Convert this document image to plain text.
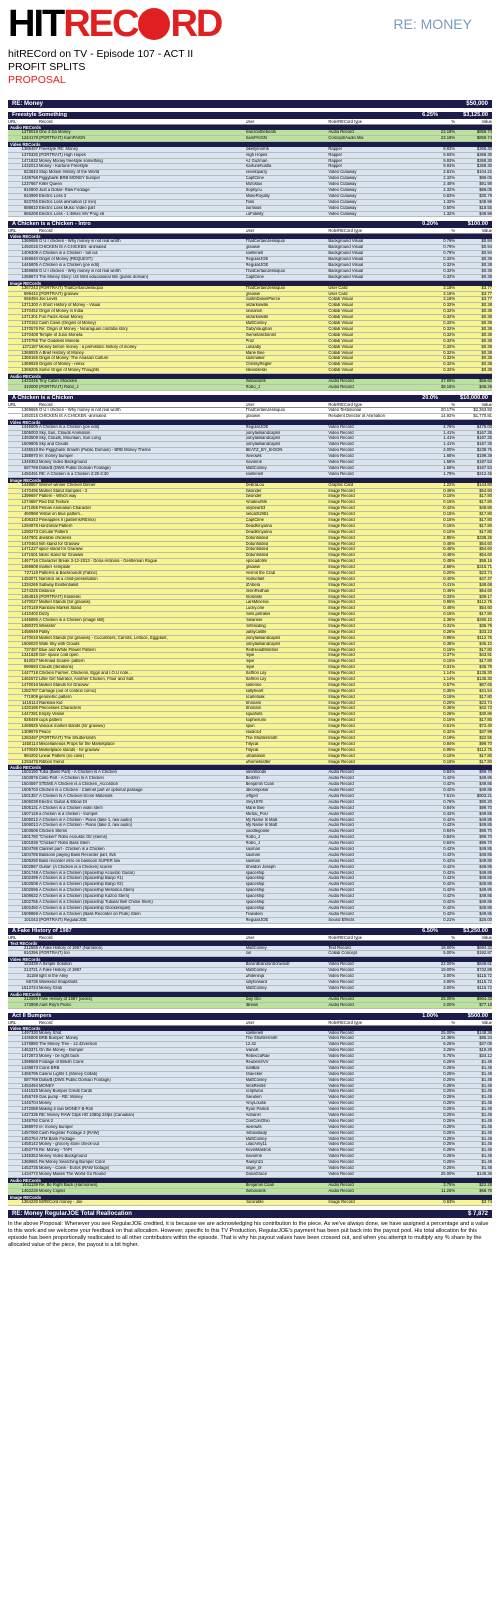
HITREC RD	RE: MONEY
hitRECord on TV - Episode 107 - ACT II
PROFIT SPLITS
PROPOSAL
RE: Money	$50,000
Freestyle Something	6.25%	$3,125.00
URL	Record	User	Role/RECord type	%	Value
Audio RECords
1379019 One 4 Da Money	Kwiizonthebeats	Audio Record	23.18%	$859.74
1244179 (PORTRAIT) KamPAIGN	KamPAIGN	Concept/Audio Mix	23.18%	$859.74
Video RECords
1386497 Freestyle RE: Money	ibkellymorris	Rapper	9.93%	$368.30
1379330 (PORTRAIT) High Hopes	High Hopes	Rapper	9.93%	$368.30
1471832 Money Money freestyle something	AJ Guzman	Rapper	9.93%	$368.30
1432013 Money - Kartune Freestyle	Kartunehustla	Rapper	9.93%	$368.30
823843 Stop Motion History of the World	kevinbparry	Video Cutaway	2.81%	$104.22
1438768 Piggybank BRB MONEY bumper	CaptCline	Video Cutaway	2.32%	$86.05
1237667 Killer Queen	Mofosluv	Video Cutaway	2.48%	$91.98
810800 Just a Dollar- Raw Footage	Sophycu	Video Cutaway	2.32%	$86.05
843990 Electric Loss 3	MukeRoyalty	Video Cutaway	0.83%	$30.79
923755 Electric Loss animation (2 min)	Toss	Video Cutaway	1.32%	$48.96
888810 Electric Loss Music Video part	burnsius	Video Cutaway	0.50%	$18.55
886208 Electric Loss - 1:48sec MV Prog x6	LoFidelity	Video Cutaway	1.32%	$48.96
A Chicken is a Chicken - Intro	0.20%	$100.00
URL	Record	User	Role/RECord type	%	Value
Video RECords
1369686 O U I chicken - Why money is not real worth	ThatCertainJessiquoi	Background Visual	0.79%	$0.94
1492015 CHICKEN IS A CHICKEN -animated	graoww	Background Visual	0.79%	$0.94
1409309 A Chicken is a Chicken - full cut	soellenell	Background Visual	0.79%	$0.94
1368840 Origin of Money (REQUEST)	RegularJOE	Background Visual	0.32%	$0.38
1445805 A Chicken is a Chicken (joe edit)	RegularJOE	Background Visual	0.32%	$0.38
1369686 O U I chicken - Why money is not real worth	ThatCertainJessiquoi	Background Visual	0.32%	$0.38
1368874 The Money Story: US Mint educational film (public domain)	CaptCline	Background Visual	0.32%	$0.38
Image RECords
1367243 (PORTRAIT) ThatCertainJessiquoi	ThatCertainJessiquoi	User Card	3.18%	$3.77
899442 (PORTRAIT) graoww	graoww	User Card	3.18%	$3.77
555494 Joe Levitt	JustinDanielPierce	Collab Visual	3.18%	$3.77
1371300 A Short History of Money - Visual	aszarkowski	Collab Visual	0.32%	$0.38
1370452 Origin of Money in India	sinnamin	Collab Visual	0.32%	$0.38
1371301 Fun Facts About Money	aszarkowski	Collab Visual	0.32%	$0.38
1370152 Cash Cows (Origins of Money)	MattConley	Collab Visual	0.32%	$0.38
1370576 Re: Origin of Money - Nicaraguan cordoba story	GabyVaughan	Collab Visual	0.32%	$0.38
1370408 Temple of Juno Moneta	themetafictionist	Collab Visual	0.32%	$0.38
1370765 The Goddess Moneta	Proz	Collab Visual	0.32%	$0.38
1371187 Money before money : a prehistoric history of money	Lululaby	Collab Visual	0.32%	$0.38
1368925 A Brief History of Money	Marie Bee	Collab Visual	0.32%	$0.38
1369155 Origin of Money: The Anasazi Culture	sainmaker	Collab Visual	0.32%	$0.38
1369928 Origins of Money - remix	ChrissyRegler	Collab Visual	0.32%	$0.38
1369205 Some Origin of Money Thoughts	stevebreski	Collab Visual	0.32%	$0.38
Audio RECords
1423446 Tiny Cabin Shackles	theboxsets	Audio Record	47.69%	$56.60
310000 (PORTRAIT) Robo_J	Robo_J	Audio Record	38.16%	$45.29
A Chicken is a Chicken	20.0%	$10,000.00
URL	Record	User	Role/RECord type	%	Value
1369686 O U I chicken - Why money is not real worth	ThatCertainJessiquoi	Video Testimonial	20.17%	$2,383.92
1492015 CHICKEN IS A CHICKEN -animated	graoww	Resident Director of Animation	14.92%	$1,770.81
Video RECords
1445805 A Chicken is a Chicken (joe edit)	RegularJOE	Video Record	4.76%	$476.00
1505003 Sky, Sun, Clouds Animation	ponytailsandcapris	Video Record	1.41%	$167.35
1493509 Sky, Clouds, Mountain, Sun Long	ponytailsandcapris	Video Record	1.41%	$167.35
1509806 Sky and Clouds	ponytailsandcapris	Video Record	1.41%	$167.35
1435519 the Piggybank Smash (Public Domain) - BRB Money Theme	BEATZ_BY_B-DON	Video Record	2.00%	$239.75
1388970 re: money bumper	iseeowls	Video Record	1.68%	$199.39
1349353 Money Video Background	Kavonne	Video Record	1.58%	$187.53
587769 Dollar$ (DWS Public Domain Footage)	MattConley	Video Record	1.58%	$187.53
1450491 RE: A Chicken is a Chicken 2:25-2:30	soellenell	Video Record	1.79%	$212.45
Image RECords
1448867 Winner winner Chicken Dinner	DebraLou	Graphic Card	1.22%	$144.80
1470496 Market Stand Samples - 2	2wonder	Image Record	0.46%	$54.60
1399697 Pattern - Which way	2wonder	Image Record	0.15%	$17.80
1274687 Red Dot Texture	AmateurMe	Image Record	0.15%	$17.80
1471056 Pemas Animation Character	anybear63	Image Record	0.42%	$49.85
460988 Yellow on blue pattern...	belcath1981	Image Record	0.15%	$17.80
1406343 Pineapples II (patterns/REmix)	CaptCline	Image Record	0.15%	$17.80
1294978 Horizontal Pattern	DeadKinyama	Image Record	0.15%	$17.80
1290273 Circular Pattern	DeadKinyama	Image Record	0.15%	$17.80
1447901 divisible chickens	Dotunfolded	Image Record	2.85%	$338.26
1470464 fish stand for Graoww	Dotunfolded	Image Record	0.46%	$54.60
1471227 spice stand for Graoww	Dotunfolded	Image Record	0.46%	$54.60
1471501 fabric stand for Graoww	Dotunfolded	Image Record	0.46%	$54.60
1467716 Character Break 3-12-2013 - Dona Antinina - Gentleman Rogue	epocadofim	Image Record	0.49%	$58.16
1469808 market -template	graoww	Image Record	2.66%	$315.71
727118 Patterns & Backrounds (Fabric)	Hermit the Crab	Image Record	0.20%	$23.74
1453071 Narrator as a child-presentation	Holmefakt	Image Record	0.40%	$47.47
1334269 Subway Existentialist	IZAbela	Image Record	0.41%	$48.68
1274225 Distance	JennRedhan	Image Record	0.46%	$54.60
1454815 (PORTRAIT) Klosinski	Klosinski	Image Record	0.33%	$39.17
1470027 Market Stands (for graoww)	LarsMinerva	Image Record	0.95%	$112.75
1470149 Rainbow Market Stand	Lucky.one	Image Record	0.46%	$54.60
1410402 Dizzy	mimi.petrakis	Image Record	0.15%	$17.80
1446895 A Chicken is a Chicken (image still)	misanser	Image Record	2.36%	$280.10
1480370 Wrasslin'	mrfelixding	Image Record	0.31%	$36.79
1456949 Patsy	patsycastle	Image Record	0.28%	$33.23
1470016 Market Stands (for graoww) - Cucumbers, Carrots, Lettuce, Eggplant,	ponytailsandcapris	Image Record	0.95%	$112.75
1506020 Wide Sky with Clouds	ponytailsandcapris	Image Record	0.38%	$45.10
737487 Blue and White Flower Pattern	RedHeadMonster	Image Record	0.15%	$17.80
1341628 Girl- space cold open	rejiie	Image Record	0.37%	$43.91
810027 Mermaid Scales- pattern	rejiie	Image Record	0.15%	$17.80
990693 Clouds (Iterations)	rejiie	Image Record	0.31%	$36.79
1447718 Chicken Farmer, Chickens, Eggs and I.O.U note...	Saffron Lily	Image Record	1.14%	$135.30
1462572 Little Girl Narrator, Another Chicken, Flour and Salt.	Saffron Lily	Image Record	1.14%	$135.30
1470016 Market Stands for Graoww	salrenso	Image Record	0.57%	$67.65
1282787 Carriage (out of context comic)	sallyheart	Image Record	0.35%	$41.54
771909 geometric pattern	scarletoak	Image Record	0.15%	$17.80
1415114 Rainbow Kid	Shonam	Image Record	0.20%	$23.74
1420196 Princesses Characters	Shonam	Image Record	0.36%	$42.73
1447281 Empty Vessel	squahots	Image Record	0.26%	$30.86
928449 cups pattern	sophierumi	Image Record	0.15%	$17.80
1469925 Various market stands (for graoww)	spun	Image Record	0.61%	$72.40
1309976 Peace	studio14	Image Record	0.32%	$37.98
1283497 (PORTRAIT) The Shuttersmith	The Shuttersmith	Image Record	0.19%	$22.55
1450114 Miscellaneous Props for the Marketplace	Tillycat	Image Record	0.84%	$99.70
1470040 Marketplace stands - for graoww	Tillycat	Image Record	0.95%	$112.75
984202 Linear Pattern (no color)	urbanation	Image Record	0.15%	$17.80
1293478 Ribbon friend	whometsafter	Image Record	0.15%	$17.80
Audio RECords
1503190 Tuba (Bass Part) - A Chicken Is A Chicken	alexWoods	Audio Record	0.84%	$99.70
1503976 Cello Part - A Chicken Is A Chicken	Bedzrin	Audio Record	0.42%	$49.85
1504597 STEMS A Chicken is a Chicken_Accordion	Benjamin Coan	Audio Record	0.42%	$49.85
1505703 Chicken is a Chicken - Clarinet part w/ optional passage	dbcomposer	Audio Record	0.42%	$49.85
1501357 A Chicken Is A Chicken-Score Materials	jeffgeif	Audio Record	7.61%	$903.21
1505039 Electric Guitar & Elbow DI	Jrey1979	Audio Record	0.76%	$90.20
1505131 A Chicken is a Chicken violin stem	Marie Bee	Audio Record	0.84%	$99.70
1507128 a chicken is a chicken - trumpet	MeSai_PoU	Audio Record	0.42%	$49.85
1506012 A Chicken is A Chicken - Piano (take 1, raw audio)	My Name Is Matt	Audio Record	0.42%	$49.85
1506013 A Chicken is A Chicken - Piano (take 2, raw audio)	My Name Is Matt	Audio Record	0.42%	$49.85
1503506 Chicken Stems	poodlegoose	Audio Record	0.84%	$99.70
1501780 "Chicken" Robo Acoustic Gtr (stems)	Robo_J	Audio Record	0.84%	$99.70
1501836 "Chicken" Robo Bass Stem	Robo_J	Audio Record	0.84%	$99.70
1504786 Clarinet part - Chicken is a Chicken	saxman	Audio Record	0.42%	$49.85
1504785 Bassoon playing Bass Recorder part, 8vb	saxman	Audio Record	0.42%	$49.85
1505250 Bass recorder intro on bassoon SUPER low	saxman	Audio Record	0.42%	$49.85
1502867 Guitar- (A Chicken is a Chicken) scores	Sheldon Joseph	Audio Record	0.42%	$49.85
1501748 A Chicken is a Chicken (Spaceship Acoustic Guitar)	spaceship	Audio Record	0.42%	$49.85
1502499 A Chicken is a Chicken (Spaceship Banjo #1)	spaceship	Audio Record	0.42%	$49.85
1502508 A Chicken is a Chicken (Spaceship Banjo #2)	spaceship	Audio Record	0.42%	$49.85
1502696 A Chicken is a Chicken (Spaceship Melodica Stem)	spaceship	Audio Record	0.42%	$49.85
1508632 A Chicken is a Chicken (Spaceship Kazoo Stem)	spaceship	Audio Record	0.42%	$49.85
1502755 A Chicken is a Chicken (Spaceship Tubular Bell Chime Stem)	spaceship	Audio Record	0.42%	$49.85
1502450 A Chicken is a Chicken (Spaceship Glockenspiel)	spaceship	Audio Record	0.42%	$49.85
1509869 A Chicken is a Chicken (Bass Recorder on Flute) Stem	Traeidein	Audio Record	0.42%	$49.85
101043 (PORTRAIT) RegularJOE	RegularJOE	Sound Effects	0.21%	$25.00
A Fake History of 1987	6.50%	$3,250.00
URL	Record	User	Role/RECord type	%	Value
Text RECords
212566 A Fake History of 1987 (Narration)	MattConley	Text Record	18.00%	$694.32
810396 (PORTRAIT) tori	tori	Collab Concept	5.00%	$192.87
Video RECords
123439 A Simple Solution	BaronBrandonSchwindt	Video Record	22.00%	$848.61
213731 A Fake History of 1987	MattConley	Video Record	19.00%	$732.89
31159 light in the Alley	whiteninja	Video Record	3.00%	$115.72
68736 Weekend Snapshots	fullyforward	Video Record	3.00%	$115.72
1513724 Money Grab	MattConley	Video Record	3.00%	$115.72
Audio RECords
212699 Fake History of 1987 [vocks]	Day Glo	Audio Record	25.00%	$964.33
173908 Aunt Roy's Picnic	iBrews	Audio Record	2.00%	$77.15
Act II Bumpers	1.00%	$500.00
URL	Record	User	Role/RECord type	%	Value
Video RECords
1497330 Money Shot	soellenell	Video Record	25.00%	$148.36
1436806 BRB Bumper: Money	The Shuttersmith	Video Record	14.38%	$85.34
1376880 The Money Tree - 12.42version	12.42	Video Record	6.25%	$37.09
1463371 On the Money - Bumper	IvanaK	Video Record	3.25%	$19.29
1472873 Money - be right back	RebeccaRae	Video Record	5.75%	$34.12
1399569 Footage of British Coins	ReubenSVV	Video Record	0.25%	$1.48
1438873 Coins BRB	KaliBali	Video Record	0.25%	$1.48
1455795 Casino Lights 1 (Money Collab)	shaecker	Video Record	0.25%	$1.48
587769 Dollar$ (DWS Public Domain Footage)	MattConley	Video Record	0.25%	$1.48
1453494 MONEY	NickRes94	Video Record	0.25%	$1.48
1441525 Money Bumper Credit Cards	scriptwoo	Video Record	0.25%	$1.48
1455749 Gas pump - RE: Money	fraeulein	Video Record	0.25%	$1.48
1446704 Money	AmyLouise	Video Record	0.25%	$1.48
1372088 Making it rain MONEY B-Roll	Ryan Patrick	Video Record	0.25%	$1.48
1427335 RE: Money RAW Clips HD 1080p 24fps (Canadian)	AdrianH	Video Record	0.25%	$1.48
1348792 Coins 2	ConConOhio	Video Record	0.25%	$1.48
1388970 re: money bumper	iseeowls	Video Record	0.25%	$1.48
1457090 Cash Register Footage 2 (RAW)	mrboxslady	Video Record	0.25%	$1.48
1453754 ATM Bank Footage	MattConley	Video Record	0.25%	$1.48
1458142 Money - grocery store check-out	LilacAmy11	Video Record	0.25%	$1.48
1453776 Re: Money - TAPI	KevinMastros	Video Record	0.25%	$1.48
1349353 Money Video Background	Kavonne	Video Record	0.25%	$1.48
1368681 Re:Money Searching Bumper Color	Raelyn21	Video Record	0.25%	$1.48
1453735 Money - Coins - Euros (RAW footage)	angie_br	Video Record	0.25%	$1.48
1434772 Money Makes The World Go Round	DanaGrace	Video Record	25.00%	$148.36
Audio RECords
1431139 Re: Be Right Back (Harmonies)	Benjamin Coan	Audio Record	3.75%	$22.25
1462236 Money Copter	theboxsets	Audio Record	11.25%	$66.76
Image RECords
1364230 hitRECord money - Joe	micorable	Image Record	0.63%	$3.74
RE: Money RegularJOE Total Reallocation	$ 7,872
In the above Proposal: Whenever you see RegularJOE credited, it is because we are acknowledging his contribution to the piece. As we've always done, we have assigned a percentage and a value to this work and we welcome your feedback on that allocation. However, specific to this TV Production, RegularJOE's payment has been put back into the payout pool. His total allocation for this episode has been proportionally reallocated to all other contributors within the episode. That is why his payout values have been crossed out, and when you attempt to multiply any % share by the allocated value of the piece, the payout is a bit higher.
